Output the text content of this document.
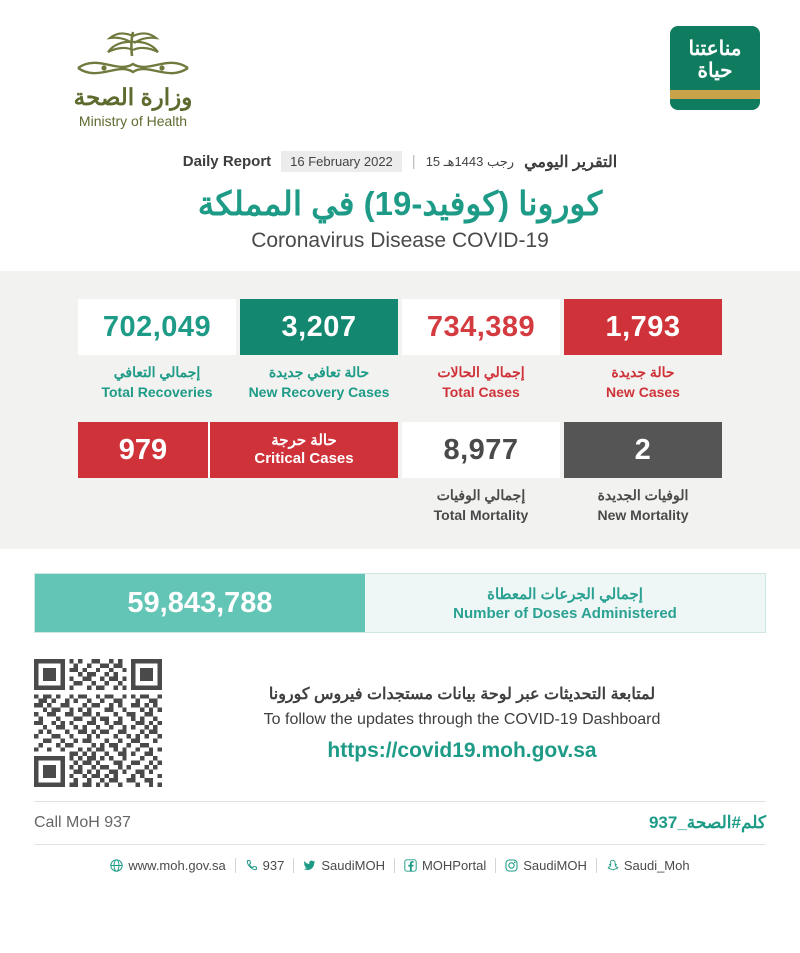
وزارة الصحة
Ministry of Health
مناعتنا
حياة
Daily Report	16 February 2022	| 15 رجب 1443هـ التقرير اليومي
كورونا (كوفيد-19) في المملكة
Coronavirus Disease COVID-19
702,049
إجمالي التعافي
Total Recoveries
3,207
حالة تعافي جديدة
New Recovery Cases
734,389
إجمالي الحالات
Total Cases
1,793
حالة جديدة
New Cases
979	حالة حرجة
Critical Cases	8,977
إجمالي الوفيات
Total Mortality
2
الوفيات الجديدة
New Mortality
59,843,788	إجمالي الجرعات المعطاة
Number of Doses Administered
لمتابعة التحديثات عبر لوحة بيانات مستجدات فيروس كورونا
To follow the updates through the COVID-19 Dashboard
https://covid19.moh.gov.sa
Call MoH 937	كلم#الصحة_937
www.moh.gov.sa	937	SaudiMOH	MOHPortal	SaudiMOH	Saudi_Moh
